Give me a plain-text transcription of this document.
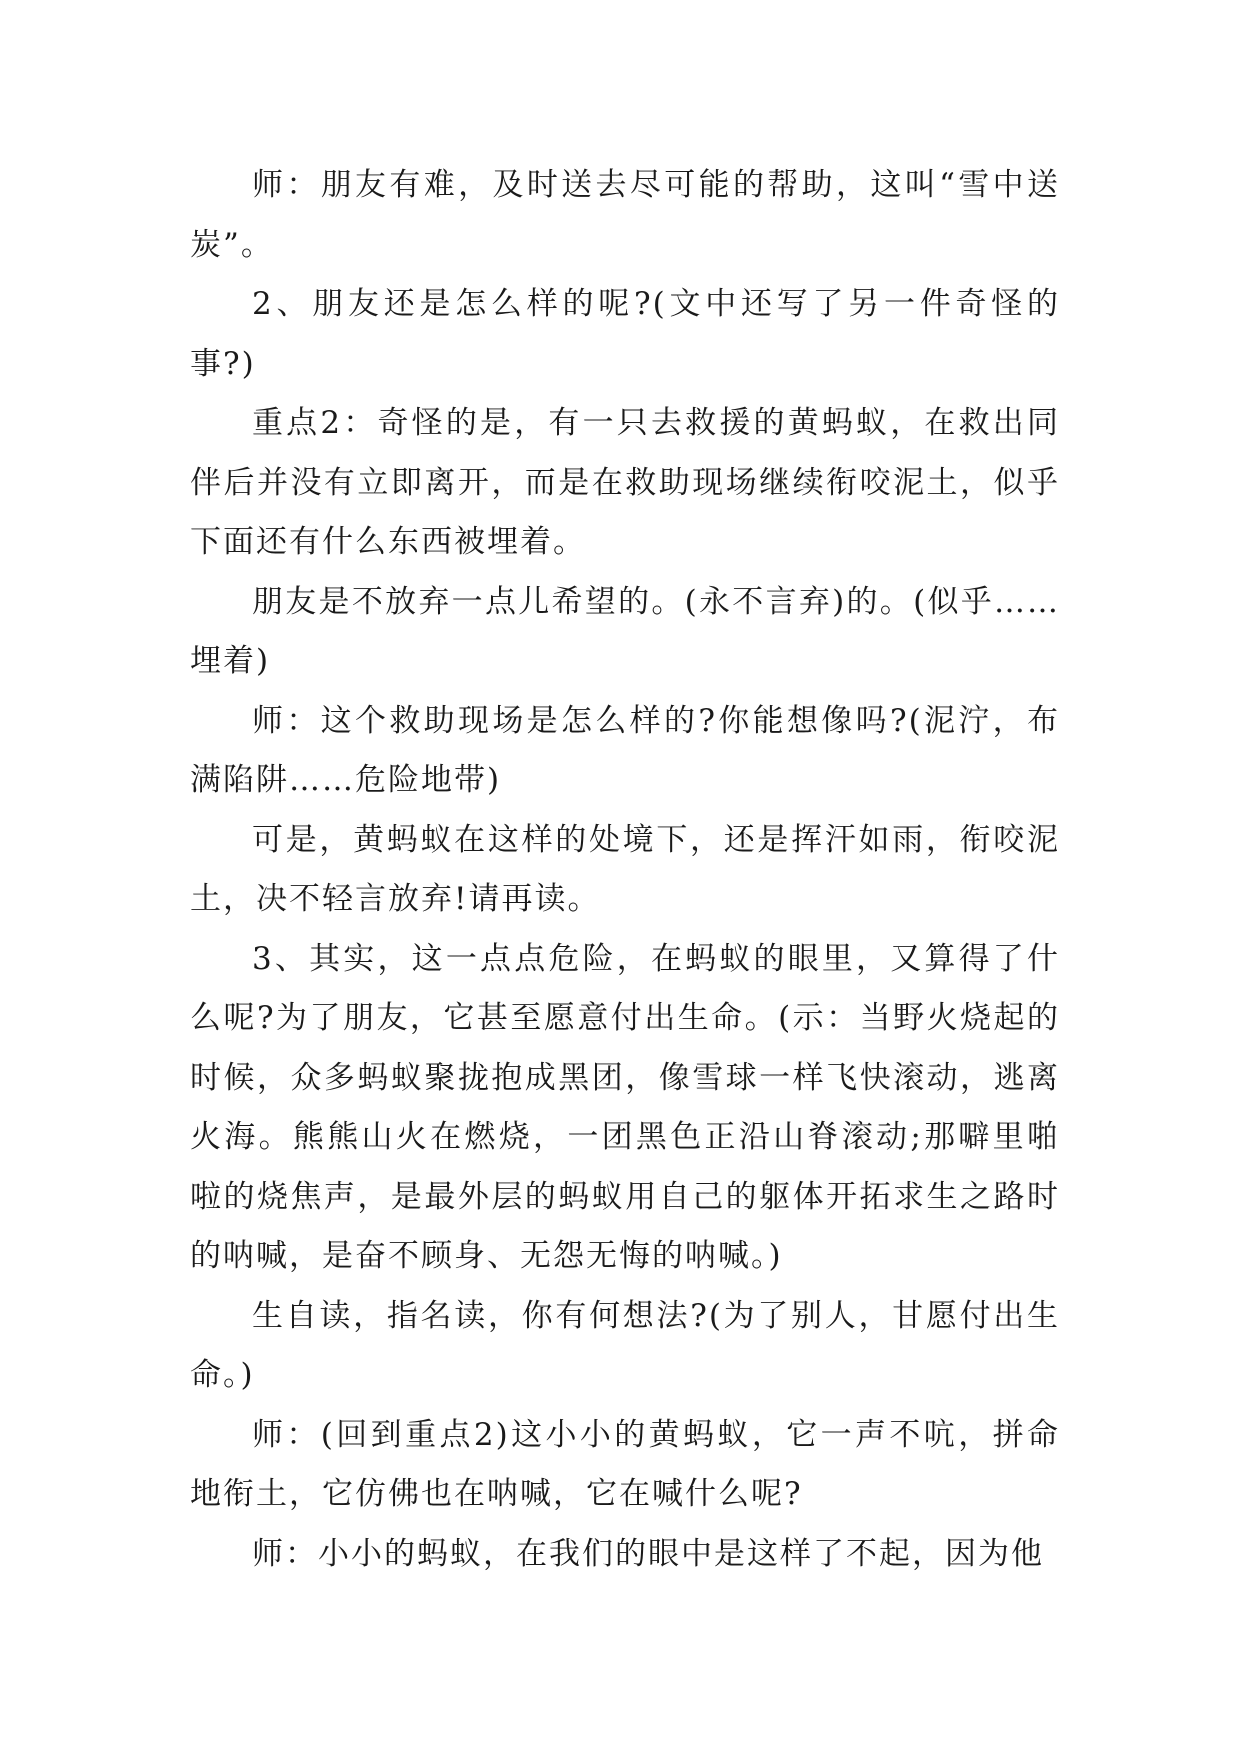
师：朋友有难，及时送去尽可能的帮助，这叫“雪中送炭”。

2、朋友还是怎么样的呢?(文中还写了另一件奇怪的事?)

重点2：奇怪的是，有一只去救援的黄蚂蚁，在救出同伴后并没有立即离开，而是在救助现场继续衔咬泥土，似乎下面还有什么东西被埋着。

朋友是不放弃一点儿希望的。(永不言弃)的。(似乎……埋着)

师：这个救助现场是怎么样的?你能想像吗?(泥泞，布满陷阱……危险地带)

可是，黄蚂蚁在这样的处境下，还是挥汗如雨，衔咬泥土，决不轻言放弃!请再读。

3、其实，这一点点危险，在蚂蚁的眼里，又算得了什么呢?为了朋友，它甚至愿意付出生命。(示：当野火烧起的时候，众多蚂蚁聚拢抱成黑团，像雪球一样飞快滚动，逃离火海。熊熊山火在燃烧，一团黑色正沿山脊滚动;那噼里啪啦的烧焦声，是最外层的蚂蚁用自己的躯体开拓求生之路时的呐喊，是奋不顾身、无怨无悔的呐喊。)

生自读，指名读，你有何想法?(为了别人，甘愿付出生命。)

师：(回到重点2)这小小的黄蚂蚁，它一声不吭，拼命地衔土，它仿佛也在呐喊，它在喊什么呢?

师：小小的蚂蚁，在我们的眼中是这样了不起，因为他
